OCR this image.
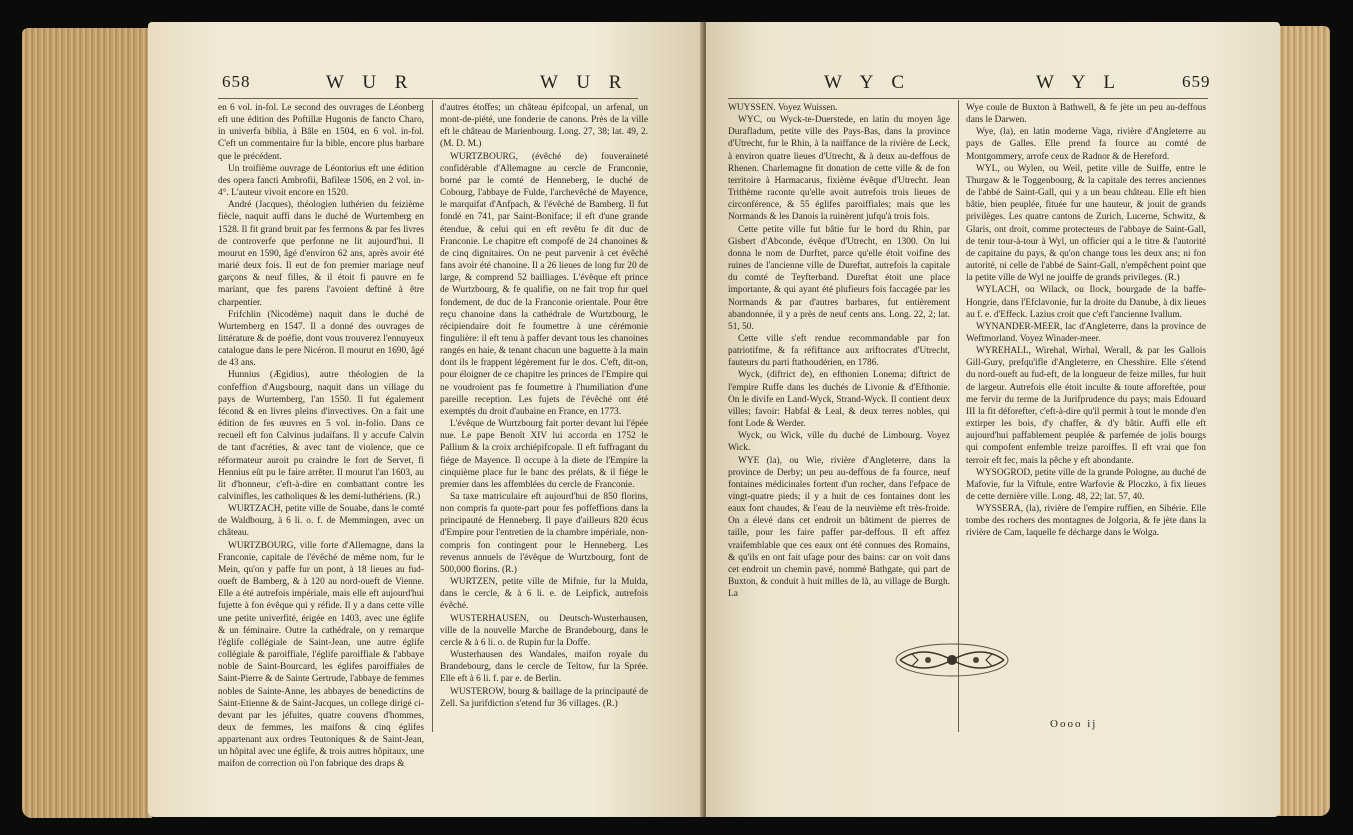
658	W U R	W U R

en 6 vol. in-fol. Le second des ouvrages de Léonberg eft une édition des Poftillæ Hugonis de fancto Charo, in univerfa biblia, à Bâle en 1504, en 6 vol. in-fol. C'eft un commentaire fur la bible, encore plus barbare que le précédent.

Un troifième ouvrage de Léontorius eft une édition des opera fancti Ambrofii, Bafileæ 1506, en 2 vol. in-4°. L'auteur vivoit encore en 1520.

André (Jacques), théologien luthérien du feizième fiècle, naquit auffi dans le duché de Wurtemberg en 1528. Il fit grand bruit par fes fermons & par fes livres de controverfe que perfonne ne lit aujourd'hui. Il mourut en 1590, âgé d'environ 62 ans, après avoir été marié deux fois. Il eut de fon premier mariage neuf garçons & neuf filles, & il étoit fi pauvre en fe mariant, que fes parens l'avoient deftiné à être charpentier.

Frifchlin (Nicodème) naquit dans le duché de Wurtemberg en 1547. Il a donné des ouvrages de littérature & de poéfie, dont vous trouverez l'ennuyeux catalogue dans le pere Nicéron. Il mourut en 1690, âgé de 43 ans.

Hunnius (Ægidius), autre théologien de la confeffion d'Augsbourg, naquit dans un village du pays de Wurtemberg, l'an 1550. Il fut également fécond & en livres pleins d'invectives. On a fait une édition de fes œuvres en 5 vol. in-folio. Dans ce recueil eft fon Calvinus judaïfans. Il y accufe Calvin de tant d'acréties, & avec tant de violence, que ce réformateur auroit pu craindre le fort de Servet, fi Hennius eût pu le faire arrêter. Il mourut l'an 1603, au lit d'honneur, c'eft-à-dire en combattant contre les calvinifles, les catholiques & les demi-luthériens. (R.)

WURTZACH, petite ville de Souabe, dans le comté de Waldbourg, à 6 li. o. f. de Memmingen, avec un château.

WURTZBOURG, ville forte d'Allemagne, dans la Franconie, capitale de l'évêché de même nom, fur le Mein, qu'on y paffe fur un pont, à 18 lieues au fud-oueft de Bamberg, & à 120 au nord-oueft de Vienne. Elle a été autrefois impériale, mais elle eft aujourd'hui fujette à fon évêque qui y réfide. Il y a dans cette ville une petite univerfité, érigée en 1403, avec une églife & un féminaire. Outre la cathédrale, on y remarque l'églife collégiale de Saint-Jean, une autre églife collégiale & paroiffiale, l'églife paroiffiale & l'abbaye noble de Saint-Bourcard, les églifes paroiffiales de Saint-Pierre & de Sainte Gertrude, l'abbaye de femmes nobles de Sainte-Anne, les abbayes de benedictins de Saint-Etienne & de Saint-Jacques, un college dirigé ci-devant par les jéfuites, quatre couvens d'hommes, deux de femmes, les maifons & cinq églifes appartenant aux ordres Teutoniques & de Saint-Jean, un hôpital avec une églife, & trois autres hôpitaux, une maifon de correction où l'on fabrique des draps &

d'autres étoffes; un château épifcopal, un arfenal, un mont-de-piété, une fonderie de canons. Près de la ville eft le château de Marienbourg. Long. 27, 38; lat. 49, 2. (M. D. M.)

WURTZBOURG, (évêché de) fouveraineté confidérable d'Allemagne au cercle de Franconie, borné par le comté de Henneberg, le duché de Cobourg, l'abbaye de Fulde, l'archevêché de Mayence, le marquifat d'Anfpach, & l'évêché de Bamberg. Il fut fondé en 741, par Saint-Boniface; il eft d'une grande étendue, & celui qui en eft revêtu fe dit duc de Franconie. Le chapitre eft compofé de 24 chanoines & de cinq dignitaires. On ne peut parvenir à cet évêché fans avoir été chanoine. Il a 26 lieues de long fur 20 de large, & comprend 52 bailliages. L'évêque eft prince de Wurtzbourg, & fe qualifie, on ne fait trop fur quel fondement, de duc de la Franconie orientale. Pour être reçu chanoine dans la cathédrale de Wurtzbourg, le récipiendaire doit fe foumettre à une cérémonie fingulière: il eft tenu à paffer devant tous les chanoines rangés en haie, & tenant chacun une baguette à la main dont ils le frappent légèrement fur le dos. C'eft, dit-on, pour éloigner de ce chapitre les princes de l'Empire qui ne voudroient pas fe foumettre à l'humiliation d'une pareille reception. Les fujets de l'évêché ont été exemptés du droit d'aubaine en France, en 1773.

L'évêque de Wurtzbourg fait porter devant lui l'épée nue. Le pape Benoît XIV lui accorda en 1752 le Pallium & la croix archiépifcopale. Il eft fuffragant du fiége de Mayence. Il occupe à la diete de l'Empire la cinquième place fur le banc des prélats, & il fiége le premier dans les affemblées du cercle de Franconie.

Sa taxe matriculaire eft aujourd'hui de 850 florins, non compris fa quote-part pour fes poffeffions dans la principauté de Henneberg. Il paye d'ailleurs 820 écus d'Empire pour l'entretien de la chambre impériale, non-compris fon contingent pour le Henneberg. Les revenus annuels de l'évêque de Wurtzbourg, font de 500,000 florins. (R.)

WURTZEN, petite ville de Mifnie, fur la Mulda, dans le cercle, & à 6 li. e. de Leipfick, autrefois évêché.

WUSTERHAUSEN, ou Deutsch-Wusterhausen, ville de la nouvelle Marche de Brandebourg, dans le cercle & à 6 li. o. de Rupin fur la Doffe.

Wusterhausen des Wandales, maifon royale du Brandebourg, dans le cercle de Teltow, fur la Sprée. Elle eft à 6 li. f. par e. de Berlin.

WUSTEROW, bourg & baillage de la principauté de Zell. Sa jurifdiction s'etend fur 36 villages. (R.)

W Y C	W Y L	659

WUYSSEN. Voyez Wuissen.

WYC, ou Wyck-te-Duerstede, en latin du moyen âge Durafladum, petite ville des Pays-Bas, dans la province d'Utrecht, fur le Rhin, à la naiffance de la rivière de Leck, à environ quatre lieues d'Utrecht, & à deux au-deffous de Rhenen. Charlemagne fit donation de cette ville & de fon territoire à Harmacarus, fixième évêque d'Utrecht. Jean Trithème raconte qu'elle avoit autrefois trois lieues de circonférence, & 55 églifes paroiffiales; mais que les Normands & les Danois la ruinèrent jufqu'à trois fois.

Cette petite ville fut bâtie fur le bord du Rhin, par Gisbert d'Abconde, évêque d'Utrecht, en 1300. On lui donna le nom de Durftet, parce qu'elle étoit voifine des ruines de l'ancienne ville de Dureftat, autrefois la capitale du comté de Teyfterband. Dureftat étoit une place importante, & qui ayant été plufieurs fois faccagée par les Normands & par d'autres barbares, fut entièrement abandonnée, il y a près de neuf cents ans. Long. 22, 2; lat. 51, 50.

Cette ville s'eft rendue recommandable par fon patriotifme, & fa réfiftance aux ariftocrates d'Utrecht, fauteurs du parti ftathoudérien, en 1786.

Wyck, (diftrict de), en efthonien Lonema; diftrict de l'empire Ruffe dans les duchés de Livonie & d'Efthonie. On le divife en Land-Wyck, Strand-Wyck. Il contient deux villes; favoir: Habfal & Leal, & deux terres nobles, qui font Lode & Werder.

Wyck, ou Wick, ville du duché de Limbourg. Voyez Wick.

WYE (la), ou Wie, rivière d'Angleterre, dans la province de Derby; un peu au-deffous de fa fource, neuf fontaines médicinales fortent d'un rocher, dans l'efpace de vingt-quatre pieds; il y a huit de ces fontaines dont les eaux font chaudes, & l'eau de la neuvième eft très-froide. On a élevé dans cet endroit un bâtiment de pierres de taille, pour les faire paffer par-deffous. Il eft affez vraifemblable que ces eaux ont été connues des Romains, & qu'ils en ont fait ufage pour des bains: car on voit dans cet endroit un chemin pavé, nommé Bathgate, qui part de Buxton, & conduit à huit milles de là, au village de Burgh. La

Wye coule de Buxton à Bathwell, & fe jète un peu au-deffous dans le Darwen.

Wye, (la), en latin moderne Vaga, rivière d'Angleterre au pays de Galles. Elle prend fa fource au comté de Montgommery, arrofe ceux de Radnor & de Hereford.

WYL, ou Wylen, ou Weil, petite ville de Suiffe, entre le Thurgaw & le Toggenbourg, & la capitale des terres anciennes de l'abbé de Saint-Gall, qui y a un beau château. Elle eft bien bâtie, bien peuplée, fituée fur une hauteur, & jouit de grands privilèges. Les quatre cantons de Zurich, Lucerne, Schwitz, & Glaris, ont droit, comme protecteurs de l'abbaye de Saint-Gall, de tenir tour-à-tour à Wyl, un officier qui a le titre & l'autorité de capitaine du pays, & qu'on change tous les deux ans; ni fon autorité, ni celle de l'abbé de Saint-Gall, n'empêchent point que la petite ville de Wyl ne jouiffe de grands privileges. (R.)

WYLACH, ou Wilack, ou Ilock, bourgade de la baffe-Hongrie, dans l'Efclavonie, fur la droite du Danube, à dix lieues au f. e. d'Effeck. Lazius croit que c'eft l'ancienne Ivallum.

WYNANDER-MEER, lac d'Angleterre, dans la province de Weftmorland. Voyez Winader-meer.

WYREHALL, Wirehal, Wirhal, Werall, & par les Gallois Gill-Gury, prefqu'ifle d'Angleterre, en Chesshire. Elle s'étend du nord-oueft au fud-eft, de la longueur de feize milles, fur huit de largeur. Autrefois elle étoit inculte & toute afforeftée, pour me fervir du terme de la Jurifprudence du pays; mais Edouard III la fit déforefter, c'eft-à-dire qu'il permit à tout le monde d'en extirper les bois, d'y chaffer, & d'y bâtir. Auffi elle eft aujourd'hui paffablement peuplée & parfemée de jolis bourgs qui compofent enfemble treize paroiffes. Il eft vrai que fon terroir eft fec, mais la pêche y eft abondante.

WYSOGROD, petite ville de la grande Pologne, au duché de Mafovie, fur la Viftule, entre Warfovie & Ploczko, à fix lieues de cette dernière ville. Long. 48, 22; lat. 57, 40.

WYSSERA, (la), rivière de l'empire ruffien, en Sibérie. Elle tombe des rochers des montagnes de Jolgoria, & fe jète dans la rivière de Cam, laquelle fe décharge dans le Wolga.

Oooo ij
